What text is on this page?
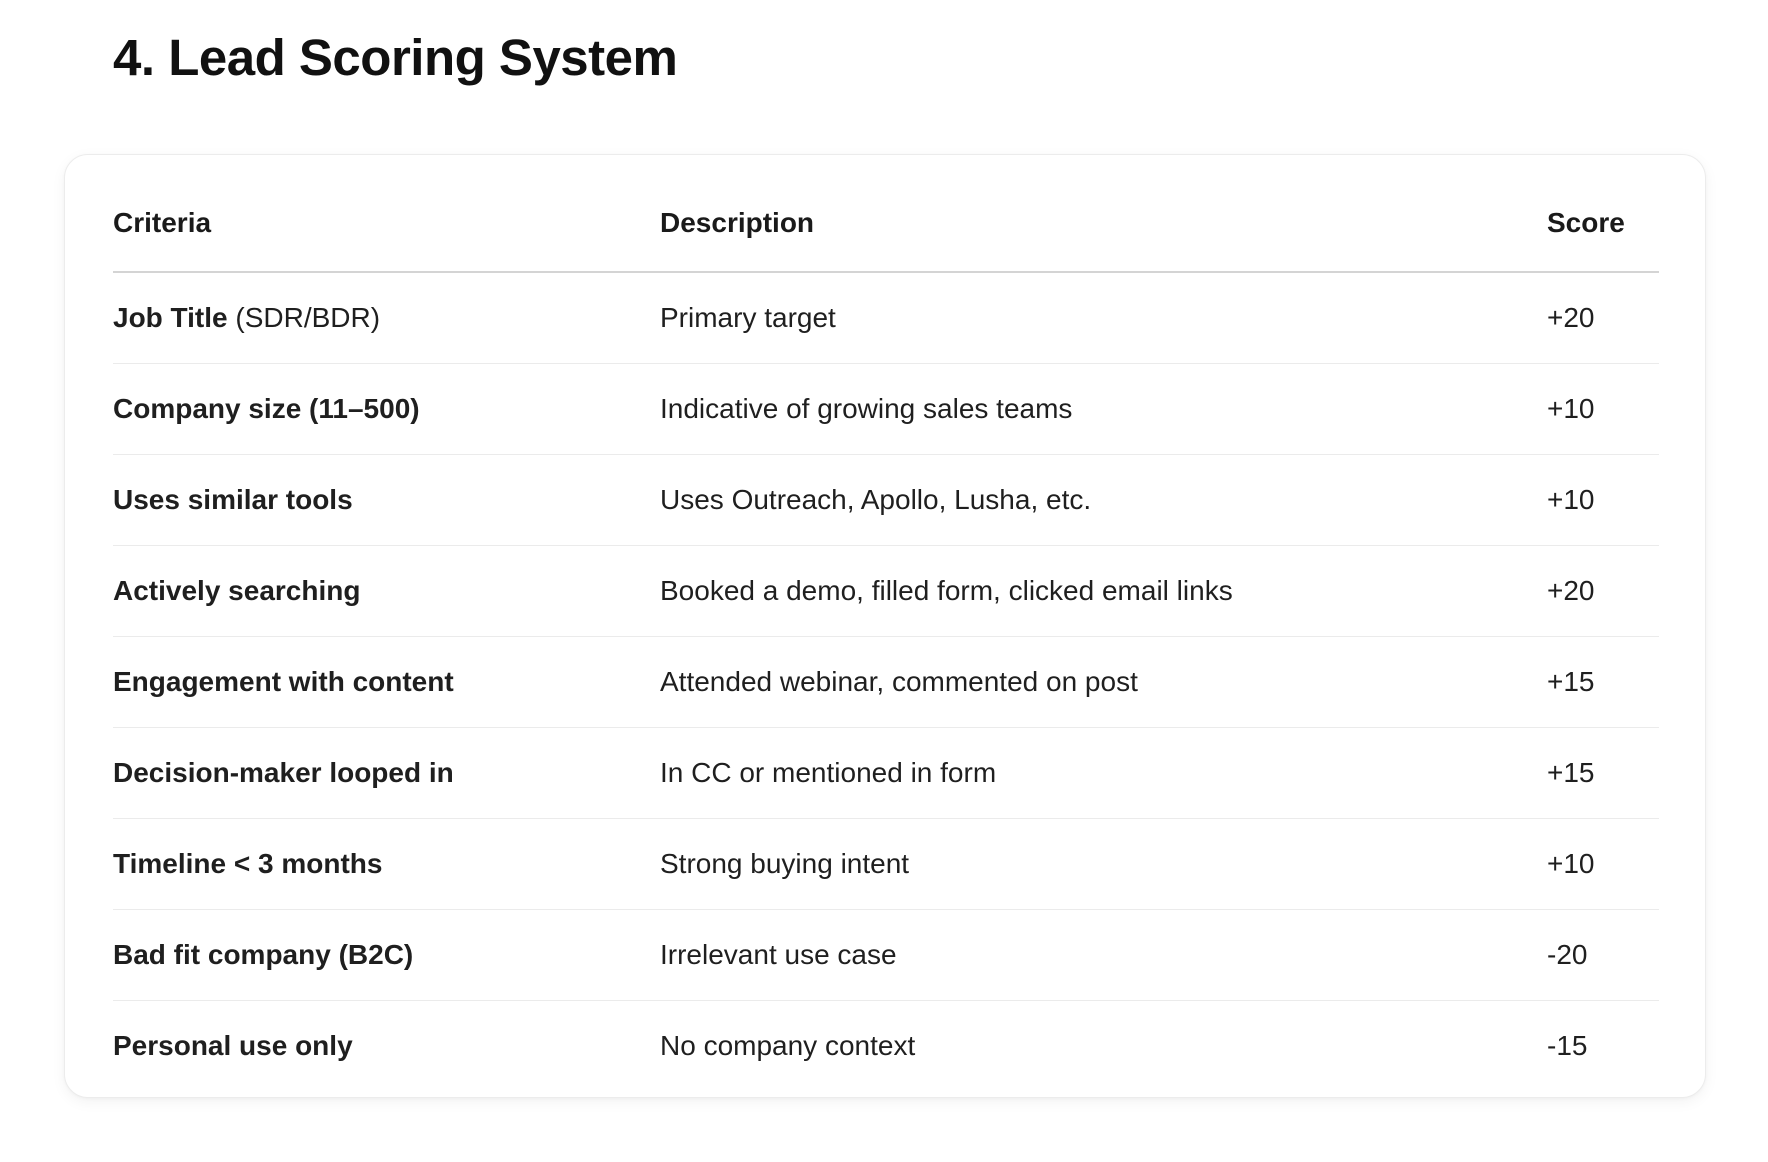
4. Lead Scoring System
Criteria	Description	Score
Job Title (SDR/BDR)	Primary target	+20
Company size (11–500)	Indicative of growing sales teams	+10
Uses similar tools	Uses Outreach, Apollo, Lusha, etc.	+10
Actively searching	Booked a demo, filled form, clicked email links	+20
Engagement with content	Attended webinar, commented on post	+15
Decision-maker looped in	In CC or mentioned in form	+15
Timeline < 3 months	Strong buying intent	+10
Bad fit company (B2C)	Irrelevant use case	-20
Personal use only	No company context	-15
